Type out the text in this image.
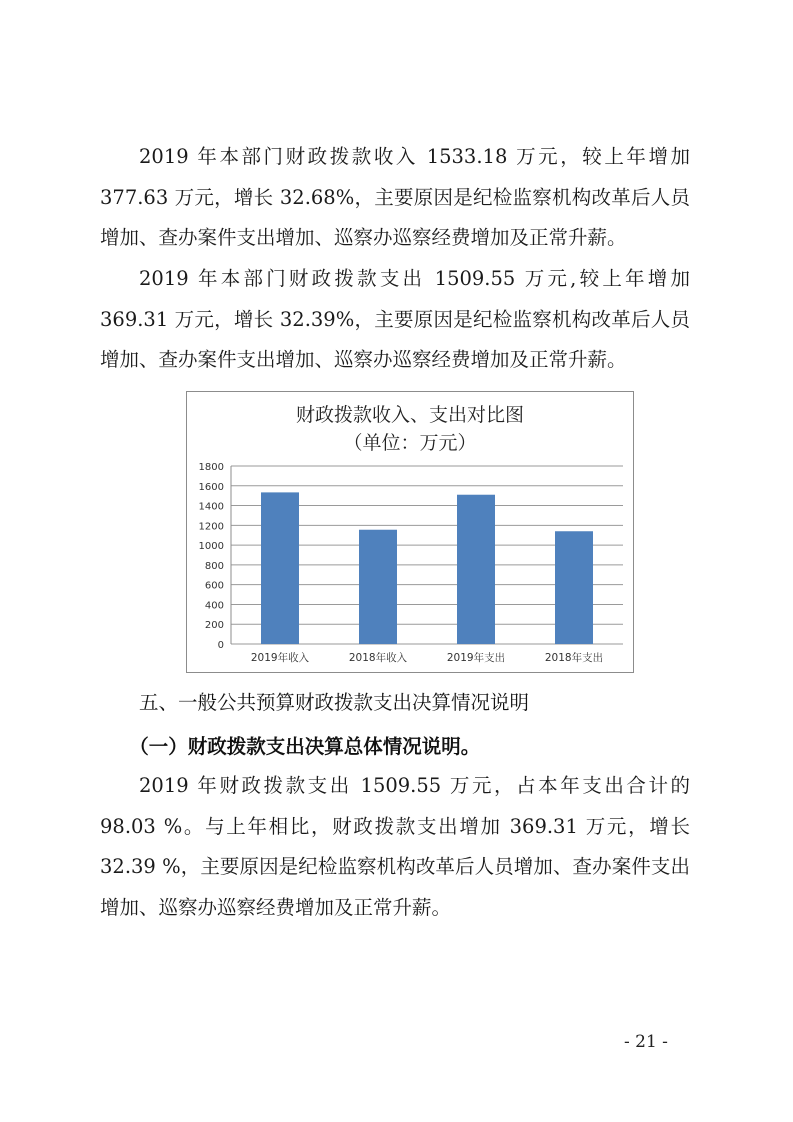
2019 年本部门财政拨款收入 1533.18 万元，较上年增加 377.63 万元，增长 32.68%，主要原因是纪检监察机构改革后人员增加、查办案件支出增加、巡察办巡察经费增加及正常升薪。

2019 年本部门财政拨款支出 1509.55 万元,较上年增加 369.31 万元，增长 32.39%，主要原因是纪检监察机构改革后人员增加、查办案件支出增加、巡察办巡察经费增加及正常升薪。

财政拨款收入、支出对比图
（单位：万元）
0
200
400
600
800
1000
1200
1400
1600
1800
2019年收入	2018年收入	2019年支出	2018年支出

五、一般公共预算财政拨款支出决算情况说明

（一）财政拨款支出决算总体情况说明。

2019 年财政拨款支出 1509.55 万元，占本年支出合计的 98.03 %。与上年相比，财政拨款支出增加 369.31 万元，增长 32.39 %，主要原因是纪检监察机构改革后人员增加、查办案件支出增加、巡察办巡察经费增加及正常升薪。

- 21 -
